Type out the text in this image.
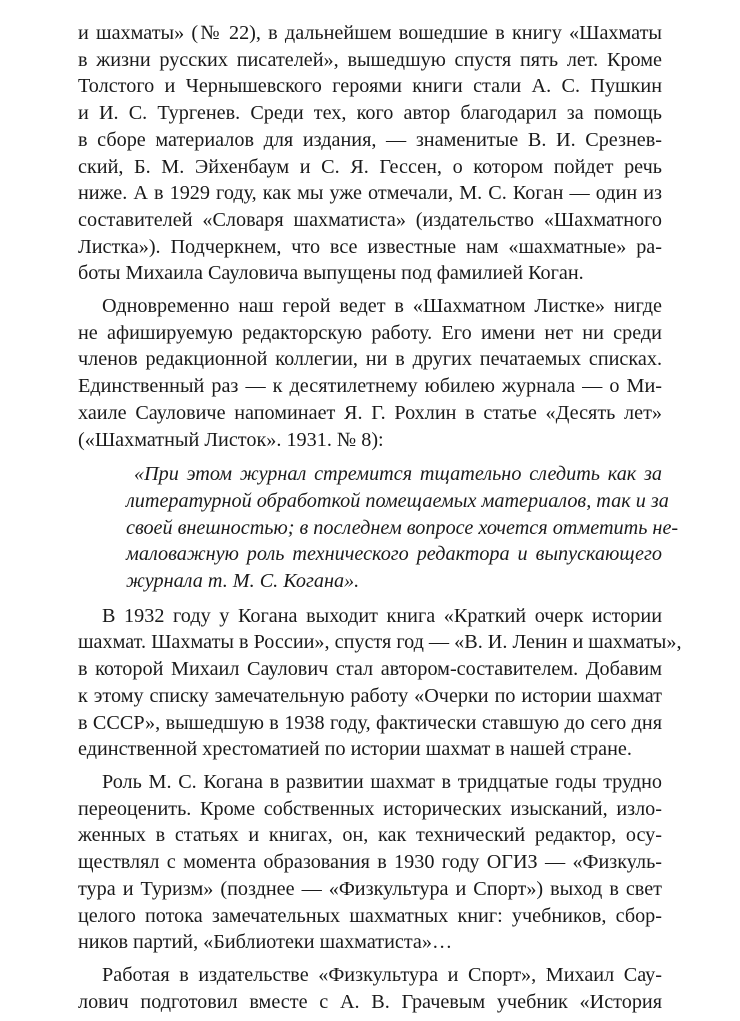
и шахматы» (№ 22), в дальнейшем вошедшие в книгу «Шахматы
в жизни русских писателей», вышедшую спустя пять лет. Кроме
Толстого и Чернышевского героями книги стали А. С. Пушкин
и И. С. Тургенев. Среди тех, кого автор благодарил за помощь
в сборе материалов для издания, — знаменитые В. И. Срезнев-
ский, Б. М. Эйхенбаум и С. Я. Гессен, о котором пойдет речь
ниже. А в 1929 году, как мы уже отмечали, М. С. Коган — один из
составителей «Словаря шахматиста» (издательство «Шахматного
Листка»). Подчеркнем, что все известные нам «шахматные» ра-
боты Михаила Сауловича выпущены под фамилией Коган.
Одновременно наш герой ведет в «Шахматном Листке» нигде
не афишируемую редакторскую работу. Его имени нет ни среди
членов редакционной коллегии, ни в других печатаемых списках.
Единственный раз — к десятилетнему юбилею журнала — о Ми-
хаиле Сауловиче напоминает Я. Г. Рохлин в статье «Десять лет»
(«Шахматный Листок». 1931. № 8):
«При этом журнал стремится тщательно следить как за
литературной обработкой помещаемых материалов, так и за
своей внешностью; в последнем вопросе хочется отметить не-
маловажную роль технического редактора и выпускающего
журнала т. М. С. Когана».
В 1932 году у Когана выходит книга «Краткий очерк истории
шахмат. Шахматы в России», спустя год — «В. И. Ленин и шахматы»,
в которой Михаил Саулович стал автором-составителем. Добавим
к этому списку замечательную работу «Очерки по истории шахмат
в СССР», вышедшую в 1938 году, фактически ставшую до сего дня
единственной хрестоматией по истории шахмат в нашей стране.
Роль М. С. Когана в развитии шахмат в тридцатые годы трудно
переоценить. Кроме собственных исторических изысканий, изло-
женных в статьях и книгах, он, как технический редактор, осу-
ществлял с момента образования в 1930 году ОГИЗ — «Физкуль-
тура и Туризм» (позднее — «Физкультура и Спорт») выход в свет
целого потока замечательных шахматных книг: учебников, сбор-
ников партий, «Библиотеки шахматиста»…
Работая в издательстве «Физкультура и Спорт», Михаил Сау-
лович подготовил вместе с А. В. Грачевым учебник «История
